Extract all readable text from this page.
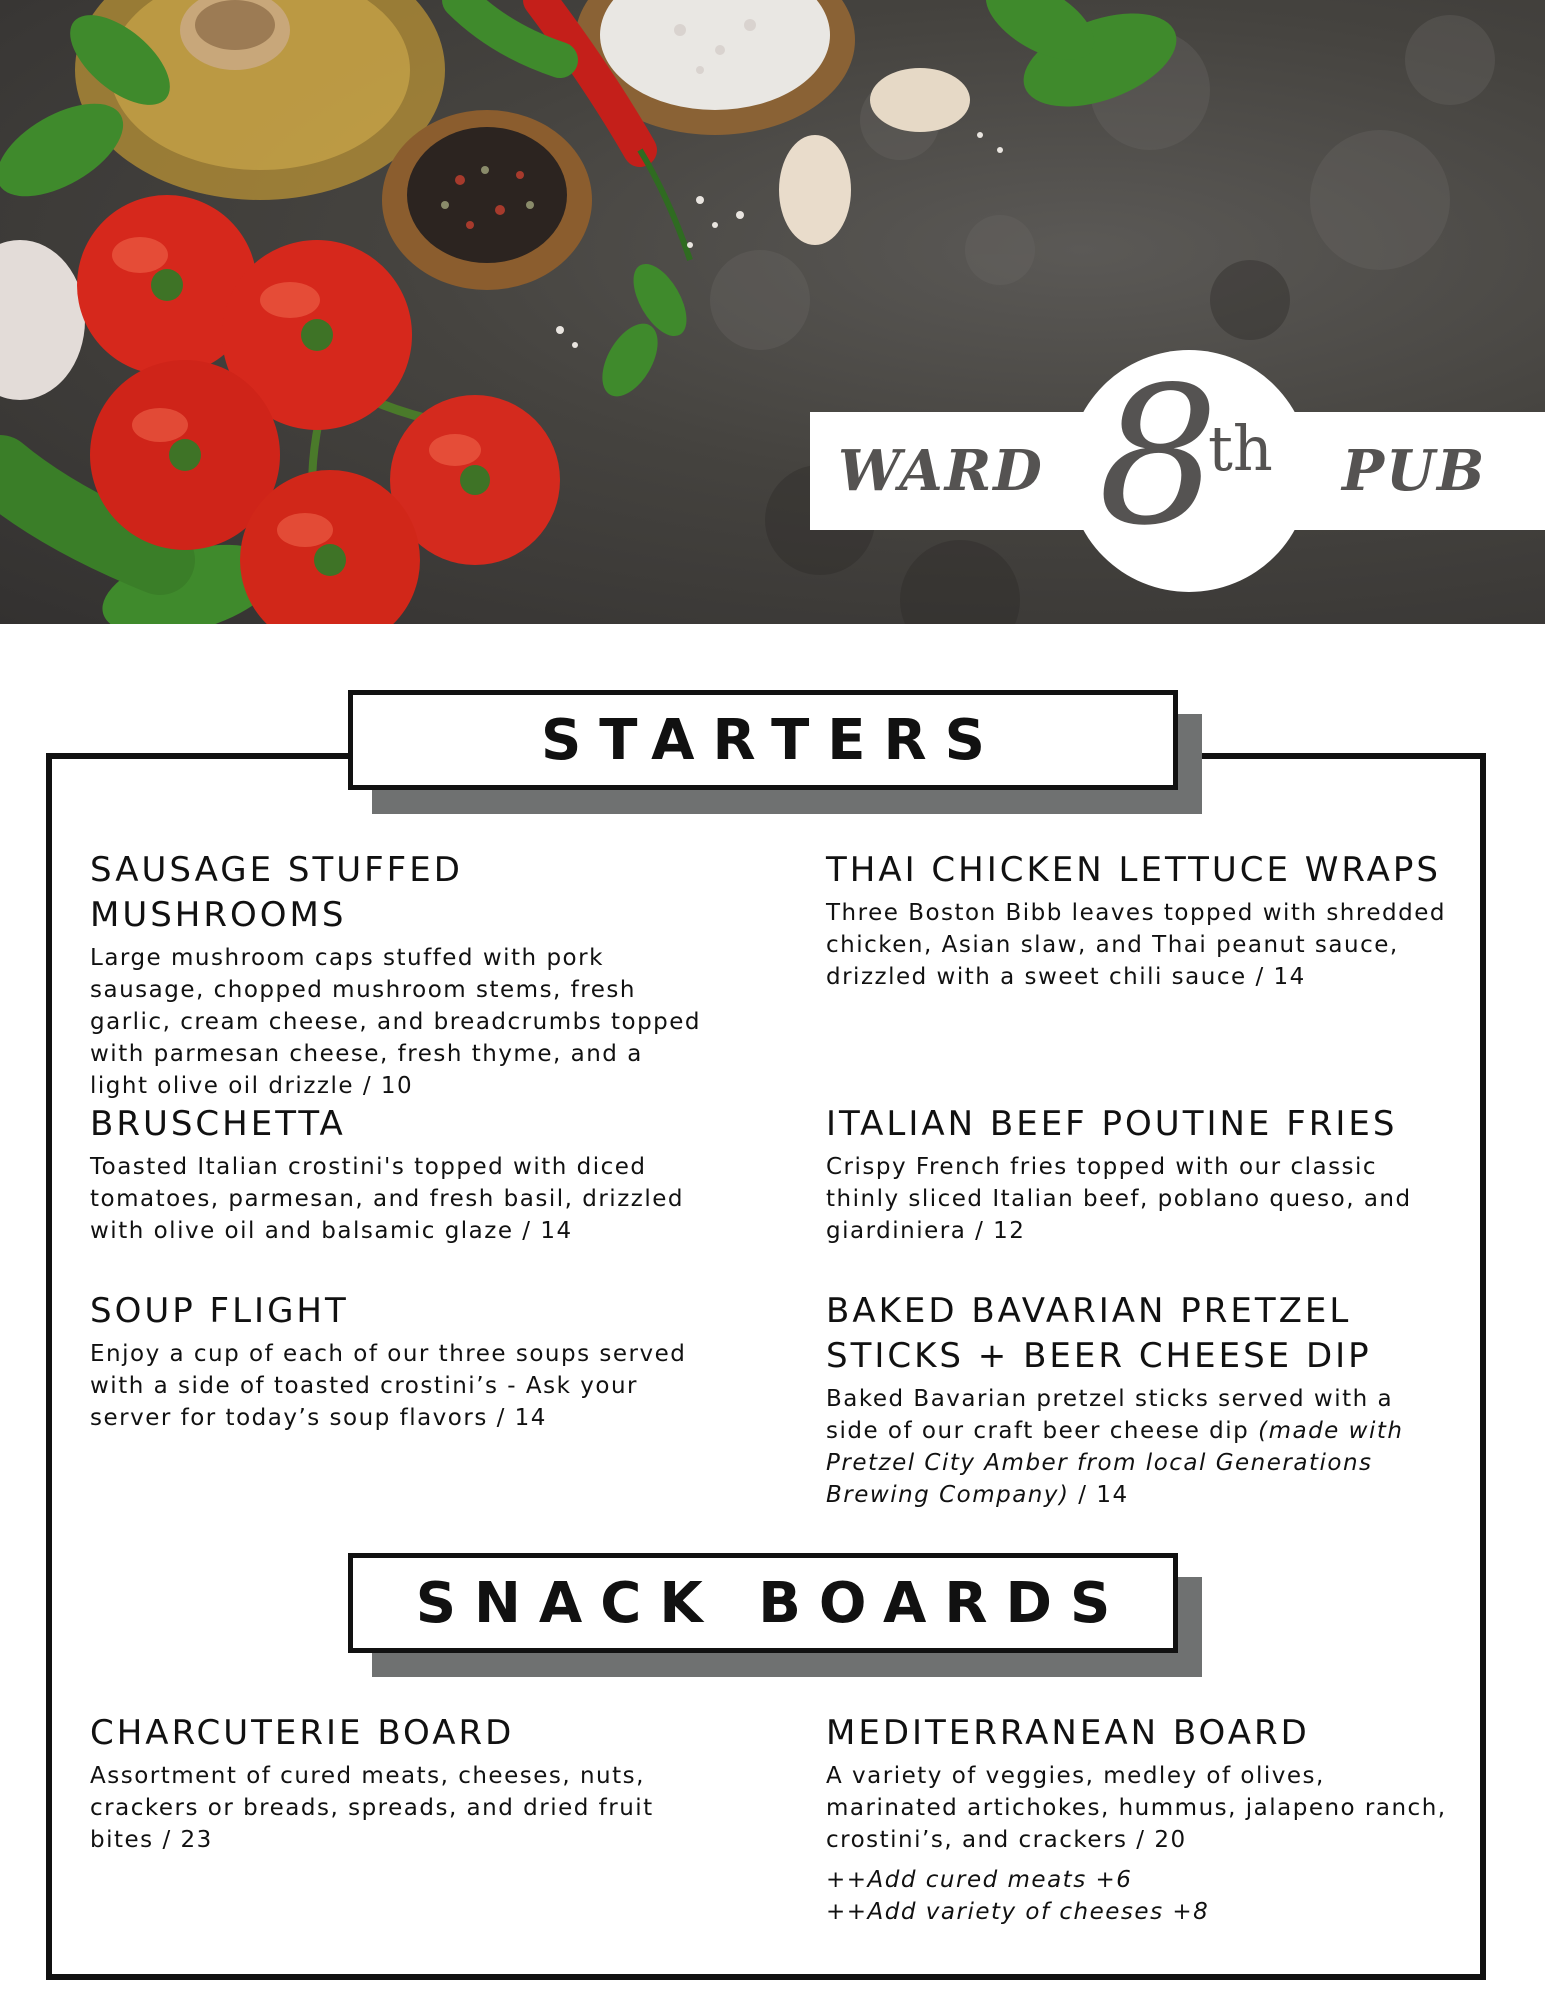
WARD 8
th PUB
STARTERS

SAUSAGE STUFFED MUSHROOMS

Large mushroom caps stuffed with pork sausage, chopped mushroom stems, fresh garlic, cream cheese, and breadcrumbs topped with parmesan cheese, fresh thyme, and a light olive oil drizzle / 10

THAI CHICKEN LETTUCE WRAPS

Three Boston Bibb leaves topped with shredded chicken, Asian slaw, and Thai peanut sauce, drizzled with a sweet chili sauce / 14

BRUSCHETTA

Toasted Italian crostini's topped with diced tomatoes, parmesan, and fresh basil, drizzled with olive oil and balsamic glaze / 14

ITALIAN BEEF POUTINE FRIES

Crispy French fries topped with our classic thinly sliced Italian beef, poblano queso, and giardiniera / 12

SOUP FLIGHT

Enjoy a cup of each of our three soups served with a side of toasted crostini’s - Ask your server for today’s soup flavors / 14

BAKED BAVARIAN PRETZEL STICKS + BEER CHEESE DIP

Baked Bavarian pretzel sticks served with a side of our craft beer cheese dip (made with Pretzel City Amber from local Generations Brewing Company) / 14

SNACK BOARDS

CHARCUTERIE BOARD

Assortment of cured meats, cheeses, nuts, crackers or breads, spreads, and dried fruit bites / 23

MEDITERRANEAN BOARD

A variety of veggies, medley of olives, marinated artichokes, hummus, jalapeno ranch, crostini’s, and crackers / 20

++Add cured meats +6

++Add variety of cheeses +8
